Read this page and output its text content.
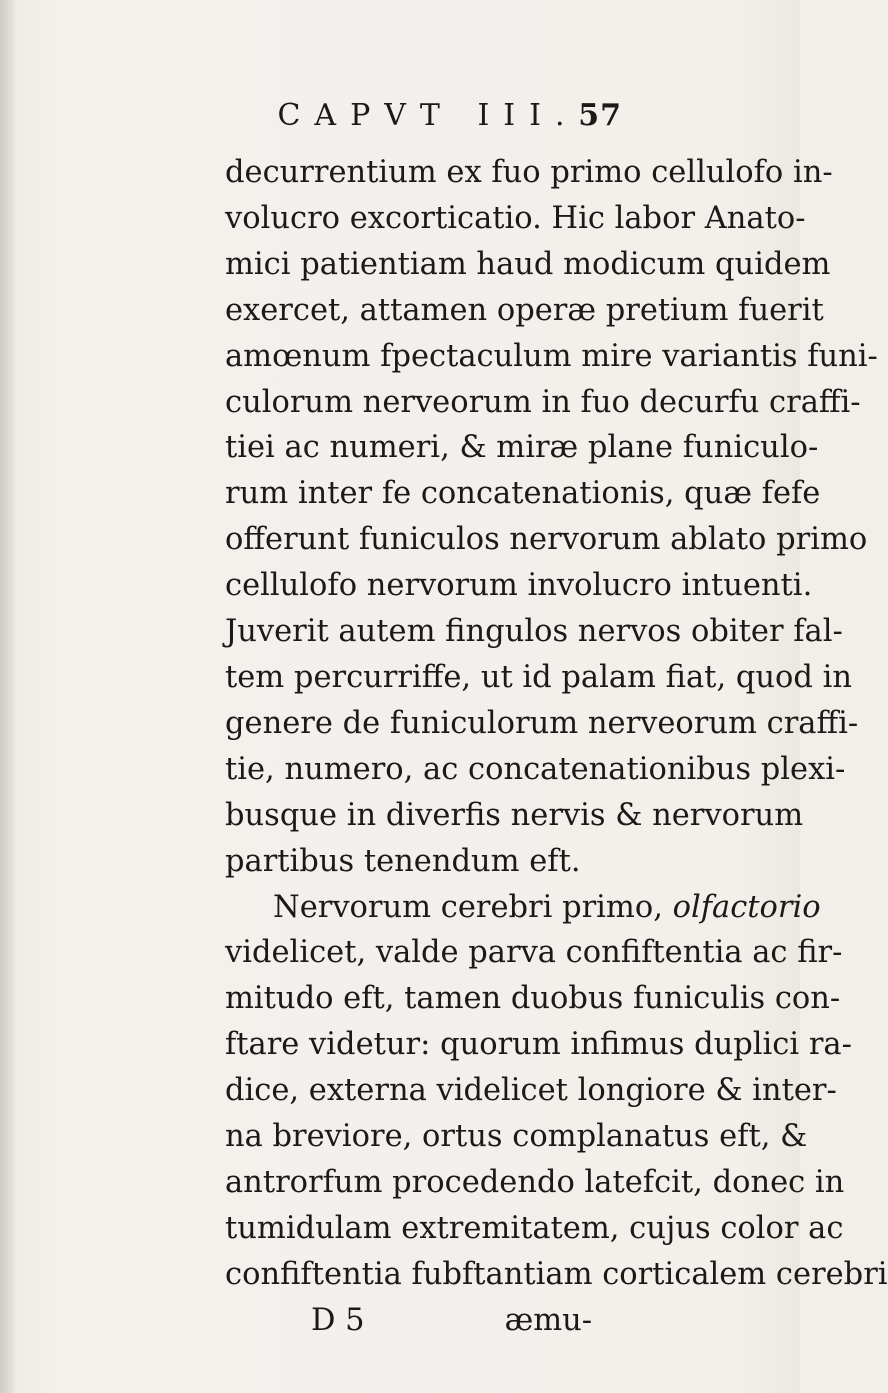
CAPVT III. 57
decurrentium ex fuo primo cellulofo in-
volucro excorticatio. Hic labor Anato-
mici patientiam haud modicum quidem
exercet, attamen operæ pretium fuerit
amœnum fpectaculum mire variantis funi-
culorum nerveorum in fuo decurfu craffi-
tiei ac numeri, & miræ plane funiculo-
rum inter fe concatenationis, quæ fefe
offerunt funiculos nervorum ablato primo
cellulofo nervorum involucro intuenti.
Juverit autem fingulos nervos obiter fal-
tem percurriffe, ut id palam fiat, quod in
genere de funiculorum nerveorum craffi-
tie, numero, ac concatenationibus plexi-
busque in diverfis nervis & nervorum
partibus tenendum eft.
Nervorum cerebri primo, olfactorio
videlicet, valde parva confiftentia ac fir-
mitudo eft, tamen duobus funiculis con-
ftare videtur: quorum infimus duplici ra-
dice, externa videlicet longiore & inter-
na breviore, ortus complanatus eft, &
antrorfum procedendo latefcit, donec in
tumidulam extremitatem, cujus color ac
confiftentia fubftantiam corticalem cerebri
D 5	æmu-
